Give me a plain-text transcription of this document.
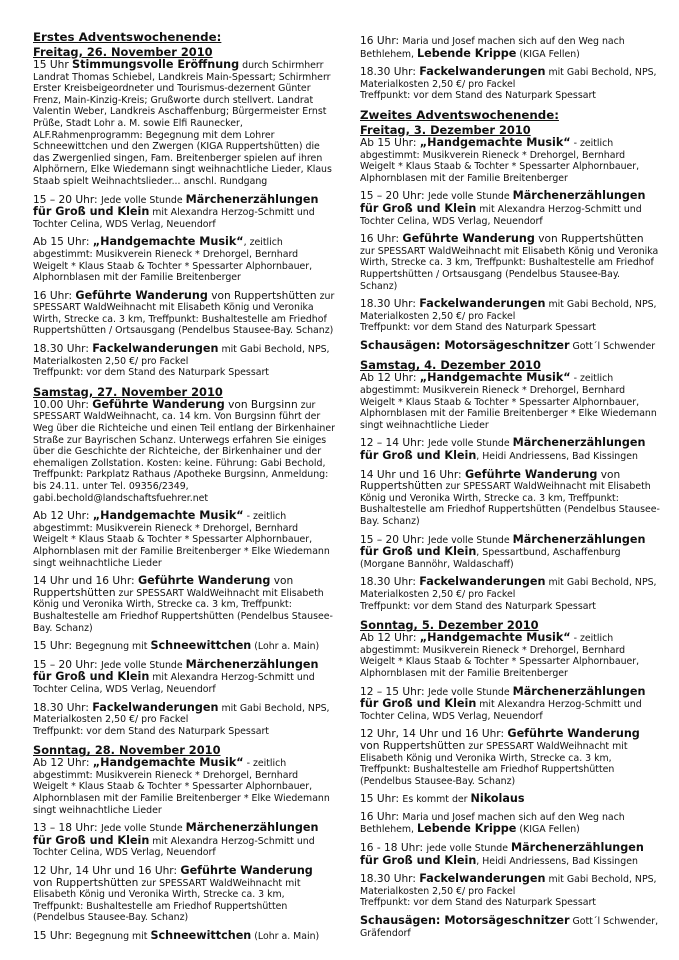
Erstes Adventswochenende:
Freitag, 26. November 2010

15 Uhr Stimmungsvolle Eröffnung durch Schirmherr Landrat Thomas Schiebel, Landkreis Main-Spessart; Schirmherr Erster Kreisbeigeordneter und Tourismus-dezernent Günter Frenz, Main-Kinzig-Kreis; Grußworte durch stellvert. Landrat Valentin Weber, Landkreis Aschaffenburg; Bürgermeister Ernst Prüße, Stadt Lohr a. M. sowie Elfi Raunecker, ALF.Rahmenprogramm: Begegnung mit dem Lohrer Schneewittchen und den Zwergen (KIGA Ruppertshütten) die das Zwergenlied singen, Fam. Breitenberger spielen auf ihren Alphörnern, Elke Wiedemann singt weihnachtliche Lieder, Klaus Staab spielt Weihnachtslieder... anschl. Rundgang

15 – 20 Uhr: Jede volle Stunde Märchenerzählungen für Groß und Klein mit Alexandra Herzog-Schmitt und Tochter Celina, WDS Verlag, Neuendorf

Ab 15 Uhr: „Handgemachte Musik“, zeitlich abgestimmt: Musikverein Rieneck * Drehorgel, Bernhard Weigelt * Klaus Staab & Tochter * Spessarter Alphornbauer, Alphornblasen mit der Familie Breitenberger

16 Uhr: Geführte Wanderung von Ruppertshütten zur SPESSART WaldWeihnacht mit Elisabeth König und Veronika Wirth, Strecke ca. 3 km, Treffpunkt: Bushaltestelle am Friedhof Ruppertshütten / Ortsausgang (Pendelbus Stausee-Bay. Schanz)

18.30 Uhr: Fackelwanderungen mit Gabi Bechold, NPS, Materialkosten 2,50 €/ pro Fackel

Treffpunkt: vor dem Stand des Naturpark Spessart

Samstag, 27. November 2010

10.00 Uhr: Geführte Wanderung von Burgsinn zur SPESSART WaldWeihnacht, ca. 14 km. Von Burgsinn führt der Weg über die Richteiche und einen Teil entlang der Birkenhainer Straße zur Bayrischen Schanz. Unterwegs erfahren Sie einiges über die Geschichte der Richteiche, der Birkenhainer und der ehemaligen Zollstation. Kosten: keine. Führung: Gabi Bechold, Treffpunkt: Parkplatz Rathaus /Apotheke Burgsinn, Anmeldung: bis 24.11. unter Tel. 09356/2349, gabi.bechold@landschaftsfuehrer.net

Ab 12 Uhr: „Handgemachte Musik“ - zeitlich abgestimmt: Musikverein Rieneck * Drehorgel, Bernhard Weigelt * Klaus Staab & Tochter * Spessarter Alphornbauer, Alphornblasen mit der Familie Breitenberger * Elke Wiedemann singt weihnachtliche Lieder

14 Uhr und 16 Uhr: Geführte Wanderung von Ruppertshütten zur SPESSART WaldWeihnacht mit Elisabeth König und Veronika Wirth, Strecke ca. 3 km, Treffpunkt: Bushaltestelle am Friedhof Ruppertshütten (Pendelbus Stausee-Bay. Schanz)

15 Uhr: Begegnung mit Schneewittchen (Lohr a. Main)

15 – 20 Uhr: Jede volle Stunde Märchenerzählungen für Groß und Klein mit Alexandra Herzog-Schmitt und Tochter Celina, WDS Verlag, Neuendorf

18.30 Uhr: Fackelwanderungen mit Gabi Bechold, NPS, Materialkosten 2,50 €/ pro Fackel

Treffpunkt: vor dem Stand des Naturpark Spessart

Sonntag, 28. November 2010

Ab 12 Uhr: „Handgemachte Musik“ - zeitlich abgestimmt: Musikverein Rieneck * Drehorgel, Bernhard Weigelt * Klaus Staab & Tochter * Spessarter Alphornbauer, Alphornblasen mit der Familie Breitenberger * Elke Wiedemann singt weihnachtliche Lieder

13 – 18 Uhr: Jede volle Stunde Märchenerzählungen für Groß und Klein mit Alexandra Herzog-Schmitt und Tochter Celina, WDS Verlag, Neuendorf

12 Uhr, 14 Uhr und 16 Uhr: Geführte Wanderung von Ruppertshütten zur SPESSART WaldWeihnacht mit Elisabeth König und Veronika Wirth, Strecke ca. 3 km, Treffpunkt: Bushaltestelle am Friedhof Ruppertshütten (Pendelbus Stausee-Bay. Schanz)

15 Uhr: Begegnung mit Schneewittchen (Lohr a. Main)

16 Uhr: Maria und Josef machen sich auf den Weg nach Bethlehem, Lebende Krippe (KIGA Fellen)

18.30 Uhr: Fackelwanderungen mit Gabi Bechold, NPS, Materialkosten 2,50 €/ pro Fackel

Treffpunkt: vor dem Stand des Naturpark Spessart

Zweites Adventswochenende:
Freitag, 3. Dezember 2010

Ab 15 Uhr: „Handgemachte Musik“ - zeitlich abgestimmt: Musikverein Rieneck * Drehorgel, Bernhard Weigelt * Klaus Staab & Tochter * Spessarter Alphornbauer, Alphornblasen mit der Familie Breitenberger

15 – 20 Uhr: Jede volle Stunde Märchenerzählungen für Groß und Klein mit Alexandra Herzog-Schmitt und Tochter Celina, WDS Verlag, Neuendorf

16 Uhr: Geführte Wanderung von Ruppertshütten zur SPESSART WaldWeihnacht mit Elisabeth König und Veronika Wirth, Strecke ca. 3 km, Treffpunkt: Bushaltestelle am Friedhof Ruppertshütten / Ortsausgang (Pendelbus Stausee-Bay. Schanz)

18.30 Uhr: Fackelwanderungen mit Gabi Bechold, NPS, Materialkosten 2,50 €/ pro Fackel

Treffpunkt: vor dem Stand des Naturpark Spessart

Schausägen: Motorsägeschnitzer Gott´l Schwender

Samstag, 4. Dezember 2010

Ab 12 Uhr: „Handgemachte Musik“ - zeitlich abgestimmt: Musikverein Rieneck * Drehorgel, Bernhard Weigelt * Klaus Staab & Tochter * Spessarter Alphornbauer, Alphornblasen mit der Familie Breitenberger * Elke Wiedemann singt weihnachtliche Lieder

12 – 14 Uhr: Jede volle Stunde Märchenerzählungen für Groß und Klein, Heidi Andriessens, Bad Kissingen

14 Uhr und 16 Uhr: Geführte Wanderung von Ruppertshütten zur SPESSART WaldWeihnacht mit Elisabeth König und Veronika Wirth, Strecke ca. 3 km, Treffpunkt: Bushaltestelle am Friedhof Ruppertshütten (Pendelbus Stausee-Bay. Schanz)

15 – 20 Uhr: Jede volle Stunde Märchenerzählungen für Groß und Klein, Spessartbund, Aschaffenburg (Morgane Bannöhr, Waldaschaff)

18.30 Uhr: Fackelwanderungen mit Gabi Bechold, NPS, Materialkosten 2,50 €/ pro Fackel

Treffpunkt: vor dem Stand des Naturpark Spessart

Sonntag, 5. Dezember 2010

Ab 12 Uhr: „Handgemachte Musik“ - zeitlich abgestimmt: Musikverein Rieneck * Drehorgel, Bernhard Weigelt * Klaus Staab & Tochter * Spessarter Alphornbauer, Alphornblasen mit der Familie Breitenberger

12 – 15 Uhr: Jede volle Stunde Märchenerzählungen für Groß und Klein mit Alexandra Herzog-Schmitt und Tochter Celina, WDS Verlag, Neuendorf

12 Uhr, 14 Uhr und 16 Uhr: Geführte Wanderung von Ruppertshütten zur SPESSART WaldWeihnacht mit Elisabeth König und Veronika Wirth, Strecke ca. 3 km, Treffpunkt: Bushaltestelle am Friedhof Ruppertshütten (Pendelbus Stausee-Bay. Schanz)

15 Uhr: Es kommt der Nikolaus

16 Uhr: Maria und Josef machen sich auf den Weg nach Bethlehem, Lebende Krippe (KIGA Fellen)

16 - 18 Uhr: jede volle Stunde Märchenerzählungen für Groß und Klein, Heidi Andriessens, Bad Kissingen

18.30 Uhr: Fackelwanderungen mit Gabi Bechold, NPS, Materialkosten 2,50 €/ pro Fackel

Treffpunkt: vor dem Stand des Naturpark Spessart

Schausägen: Motorsägeschnitzer Gott´l Schwender, Gräfendorf
